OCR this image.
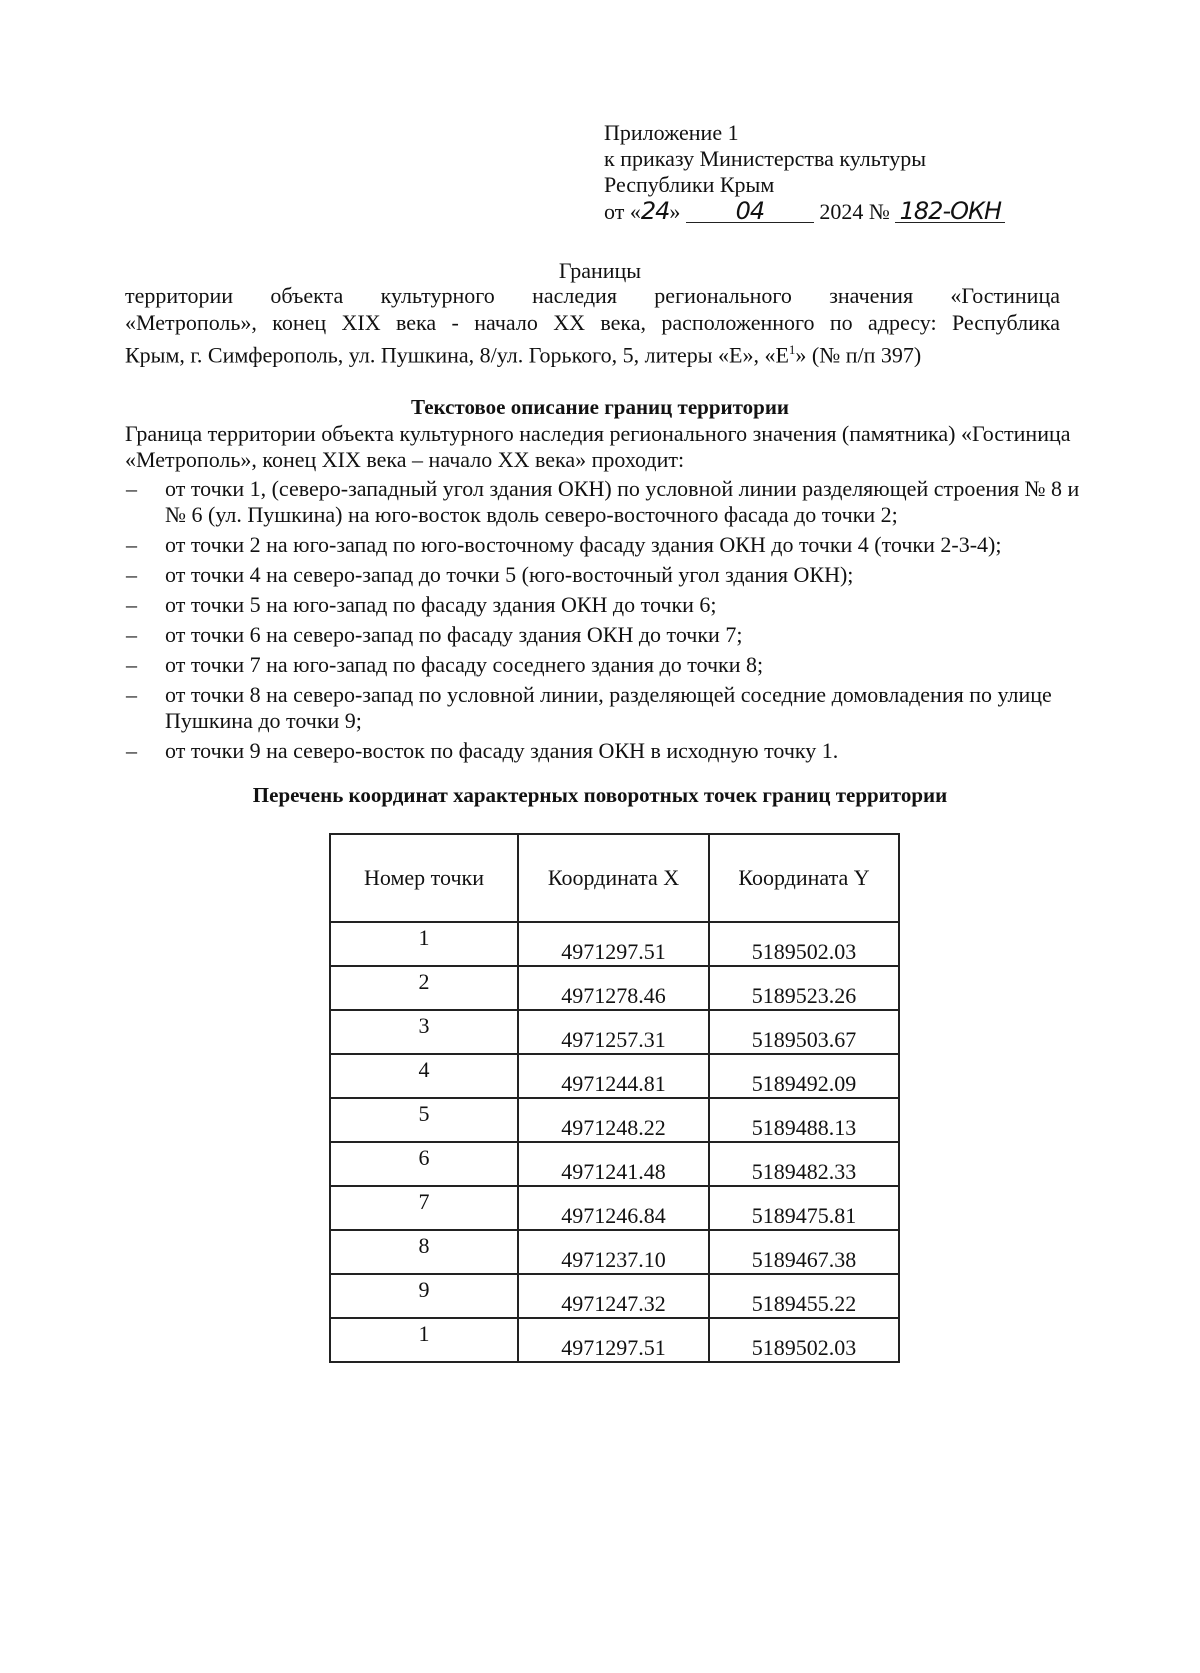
Приложение 1
к приказу Министерства культуры
Республики Крым
от «24» 04	2024 № 182-ОКН
Границы
территории объекта культурного наследия регионального значения «Гостиница
«Метрополь», конец XIX века - начало XX века, расположенного по адресу: Республика
Крым, г. Симферополь, ул. Пушкина, 8/ул. Горького, 5, литеры «Е», «$Е^1$» (№ п/п 397)
Текстовое описание границ территории
Граница территории объекта культурного наследия регионального значения (памятника) «Гостиница «Метрополь», конец XIX века – начало XX века» проходит:
– от точки 1, (северо-западный угол здания ОКН) по условной линии разделяющей строения № 8 и № 6 (ул. Пушкина) на юго-восток вдоль северо-восточного фасада до точки 2;
– от точки 2 на юго-запад по юго-восточному фасаду здания ОКН до точки 4 (точки 2-3-4);
– от точки 4 на северо-запад до точки 5 (юго-восточный угол здания ОКН);
– от точки 5 на юго-запад по фасаду здания ОКН до точки 6;
– от точки 6 на северо-запад по фасаду здания ОКН до точки 7;
– от точки 7 на юго-запад по фасаду соседнего здания до точки 8;
– от точки 8 на северо-запад по условной линии, разделяющей соседние домовладения по улице Пушкина до точки 9;
– от точки 9 на северо-восток по фасаду здания ОКН в исходную точку 1.
Перечень координат характерных поворотных точек границ территории
Номер точки	Координата X	Координата Y
1	4971297.51	5189502.03
2	4971278.46	5189523.26
3	4971257.31	5189503.67
4	4971244.81	5189492.09
5	4971248.22	5189488.13
6	4971241.48	5189482.33
7	4971246.84	5189475.81
8	4971237.10	5189467.38
9	4971247.32	5189455.22
1	4971297.51	5189502.03
